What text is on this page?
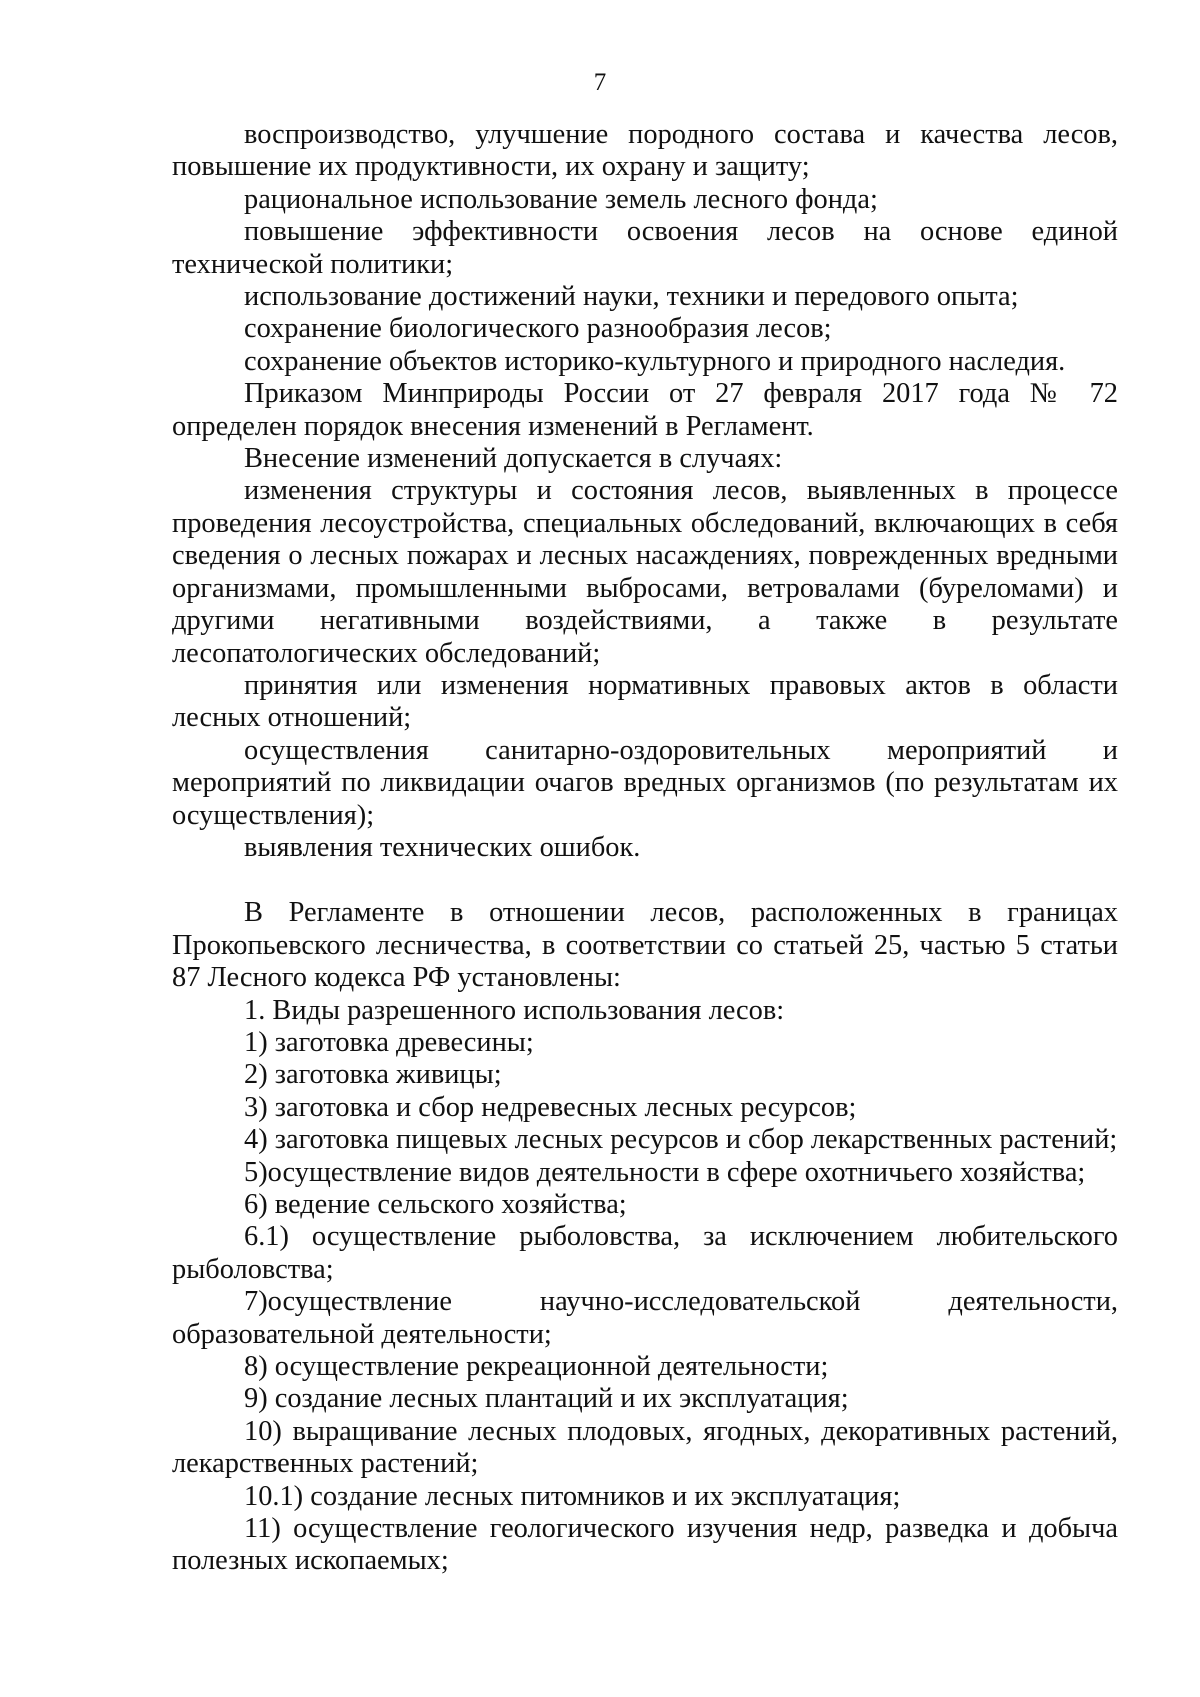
7

воспроизводство, улучшение породного состава и качества лесов, повышение их продуктивности, их охрану и защиту;

рациональное использование земель лесного фонда;

повышение эффективности освоения лесов на основе единой технической политики;

использование достижений науки, техники и передового опыта;

сохранение биологического разнообразия лесов;

сохранение объектов историко-культурного и природного наследия.

Приказом Минприроды России от 27 февраля 2017 года № 72 определен порядок внесения изменений в Регламент.

Внесение изменений допускается в случаях:

изменения структуры и состояния лесов, выявленных в процессе проведения лесоустройства, специальных обследований, включающих в себя сведения о лесных пожарах и лесных насаждениях, поврежденных вредными организмами, промышленными выбросами, ветровалами (буреломами) и другими негативными воздействиями, а также в результате лесопатологических обследований;

принятия или изменения нормативных правовых актов в области лесных отношений;

осуществления санитарно-оздоровительных мероприятий и мероприятий по ликвидации очагов вредных организмов (по результатам их осуществления);

выявления технических ошибок.

В Регламенте в отношении лесов, расположенных в границах Прокопьевского лесничества, в соответствии со статьей 25, частью 5 статьи 87 Лесного кодекса РФ установлены:

1. Виды разрешенного использования лесов:

1) заготовка древесины;

2) заготовка живицы;

3) заготовка и сбор недревесных лесных ресурсов;

4) заготовка пищевых лесных ресурсов и сбор лекарственных растений;

5)осуществление видов деятельности в сфере охотничьего хозяйства;

6) ведение сельского хозяйства;

6.1) осуществление рыболовства, за исключением любительского рыболовства;

7)осуществление научно-исследовательской деятельности, образовательной деятельности;

8) осуществление рекреационной деятельности;

9) создание лесных плантаций и их эксплуатация;

10) выращивание лесных плодовых, ягодных, декоративных растений, лекарственных растений;

10.1) создание лесных питомников и их эксплуатация;

11) осуществление геологического изучения недр, разведка и добыча полезных ископаемых;
